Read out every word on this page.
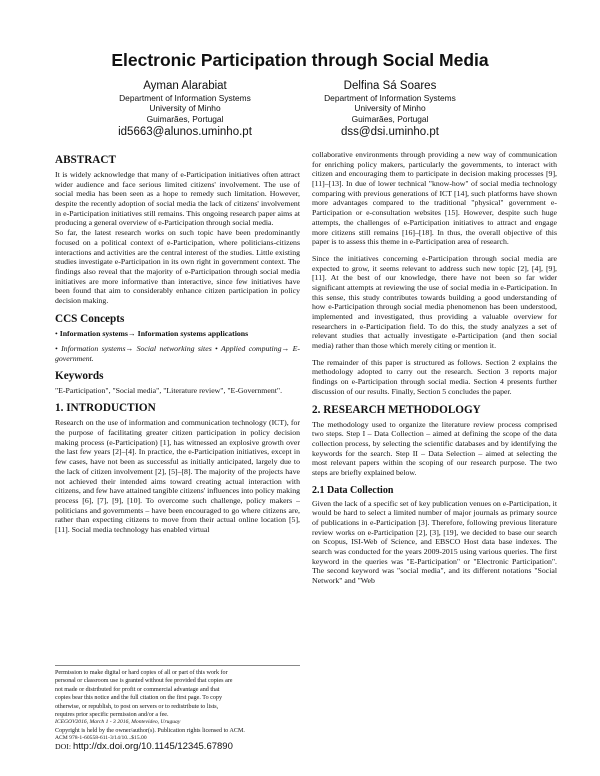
Electronic Participation through Social Media
Ayman Alarabiat
Department of Information Systems
University of Minho
Guimarães, Portugal
id5663@alunos.uminho.pt
Delfina Sá Soares
Department of Information Systems
University of Minho
Guimarães, Portugal
dss@dsi.uminho.pt
ABSTRACT

It is widely acknowledge that many of e-Participation initiatives often attract wider audience and face serious limited citizens' involvement. The use of social media has been seen as a hope to remedy such limitation. However, despite the recently adoption of social media the lack of citizens' involvement in e-Participation initiatives still remains. This ongoing research paper aims at producing a general overview of e-Participation through social media.

So far, the latest research works on such topic have been predominantly focused on a political context of e-Participation, where politicians-citizens interactions and activities are the central interest of the studies. Little existing studies investigate e-Participation in its own right in government context. The findings also reveal that the majority of e-Participation through social media initiatives are more informative than interactive, since few initiatives have been found that aim to considerably enhance citizen participation in policy decision making.

CCS Concepts
• Information systems→ Information systems applications
• Information systems→ Social networking sites • Applied computing→ E-government.
Keywords

"E-Participation", "Social media", "Literature review", "E-Government".

1. INTRODUCTION

Research on the use of information and communication technology (ICT), for the purpose of facilitating greater citizen participation in policy decision making process (e-Participation) [1], has witnessed an explosive growth over the last few years [2]–[4]. In practice, the e-Participation initiatives, except in few cases, have not been as successful as initially anticipated, largely due to the lack of citizen involvement [2], [5]–[8]. The majority of the projects have not achieved their intended aims toward creating actual interaction with citizens, and few have attained tangible citizens' influences into policy making process [6], [7], [9], [10]. To overcome such challenge, policy makers – politicians and governments – have been encouraged to go where citizens are, rather than expecting citizens to move from their actual online location [5], [11]. Social media technology has enabled virtual

Permission to make digital or hard copies of all or part of this work for
personal or classroom use is granted without fee provided that copies are
not made or distributed for profit or commercial advantage and that
copies bear this notice and the full citation on the first page. To copy
otherwise, or republish, to post on servers or to redistribute to lists,
requires prior specific permission and/or a fee.
ICEGOV2016, March 1 - 3 2016, Montevideo, Uruguay
Copyright is held by the owner/author(s). Publication rights licensed to ACM.
ACM 978-1-60558-611-3/14/10...$15.00
DOI: http://dx.doi.org/10.1145/12345.67890

collaborative environments through providing a new way of communication for enriching policy makers, particularly the governments, to interact with citizen and encouraging them to participate in decision making processes [9], [11]–[13]. In due of lower technical "know-how" of social media technology comparing with previous generations of ICT [14], such platforms have shown more advantages compared to the traditional "physical" government e-Participation or e-consultation websites [15]. However, despite such huge attempts, the challenges of e-Participation initiatives to attract and engage more citizens still remains [16]–[18]. In thus, the overall objective of this paper is to assess this theme in e-Participation area of research.

Since the initiatives concerning e-Participation through social media are expected to grow, it seems relevant to address such new topic [2], [4], [9], [11]. At the best of our knowledge, there have not been so far wider significant attempts at reviewing the use of social media in e-Participation. In this sense, this study contributes towards building a good understanding of how e-Participation through social media phenomenon has been understood, implemented and investigated, thus providing a valuable overview for researchers in e-Participation field. To do this, the study analyzes a set of relevant studies that actually investigate e-Participation (and then social media) rather than those which merely citing or mention it.

The remainder of this paper is structured as follows. Section 2 explains the methodology adopted to carry out the research. Section 3 reports major findings on e-Participation through social media. Section 4 presents further discussion of our results. Finally, Section 5 concludes the paper.

2. RESEARCH METHODOLOGY

The methodology used to organize the literature review process comprised two steps. Step I – Data Collection – aimed at defining the scope of the data collection process, by selecting the scientific databases and by identifying the keywords for the search. Step II – Data Selection – aimed at selecting the most relevant papers within the scoping of our research purpose. The two steps are briefly explained below.

2.1 Data Collection

Given the lack of a specific set of key publication venues on e-Participation, it would be hard to select a limited number of major journals as primary source of publications in e-Participation [3]. Therefore, following previous literature review works on e-Participation [2], [3], [19], we decided to base our search on Scopus, ISI-Web of Science, and EBSCO Host data base indexes. The search was conducted for the years 2009-2015 using various queries. The first keyword in the queries was "E-Participation" or "Electronic Participation". The second keyword was "social media", and its different notations "Social Network" and "Web
